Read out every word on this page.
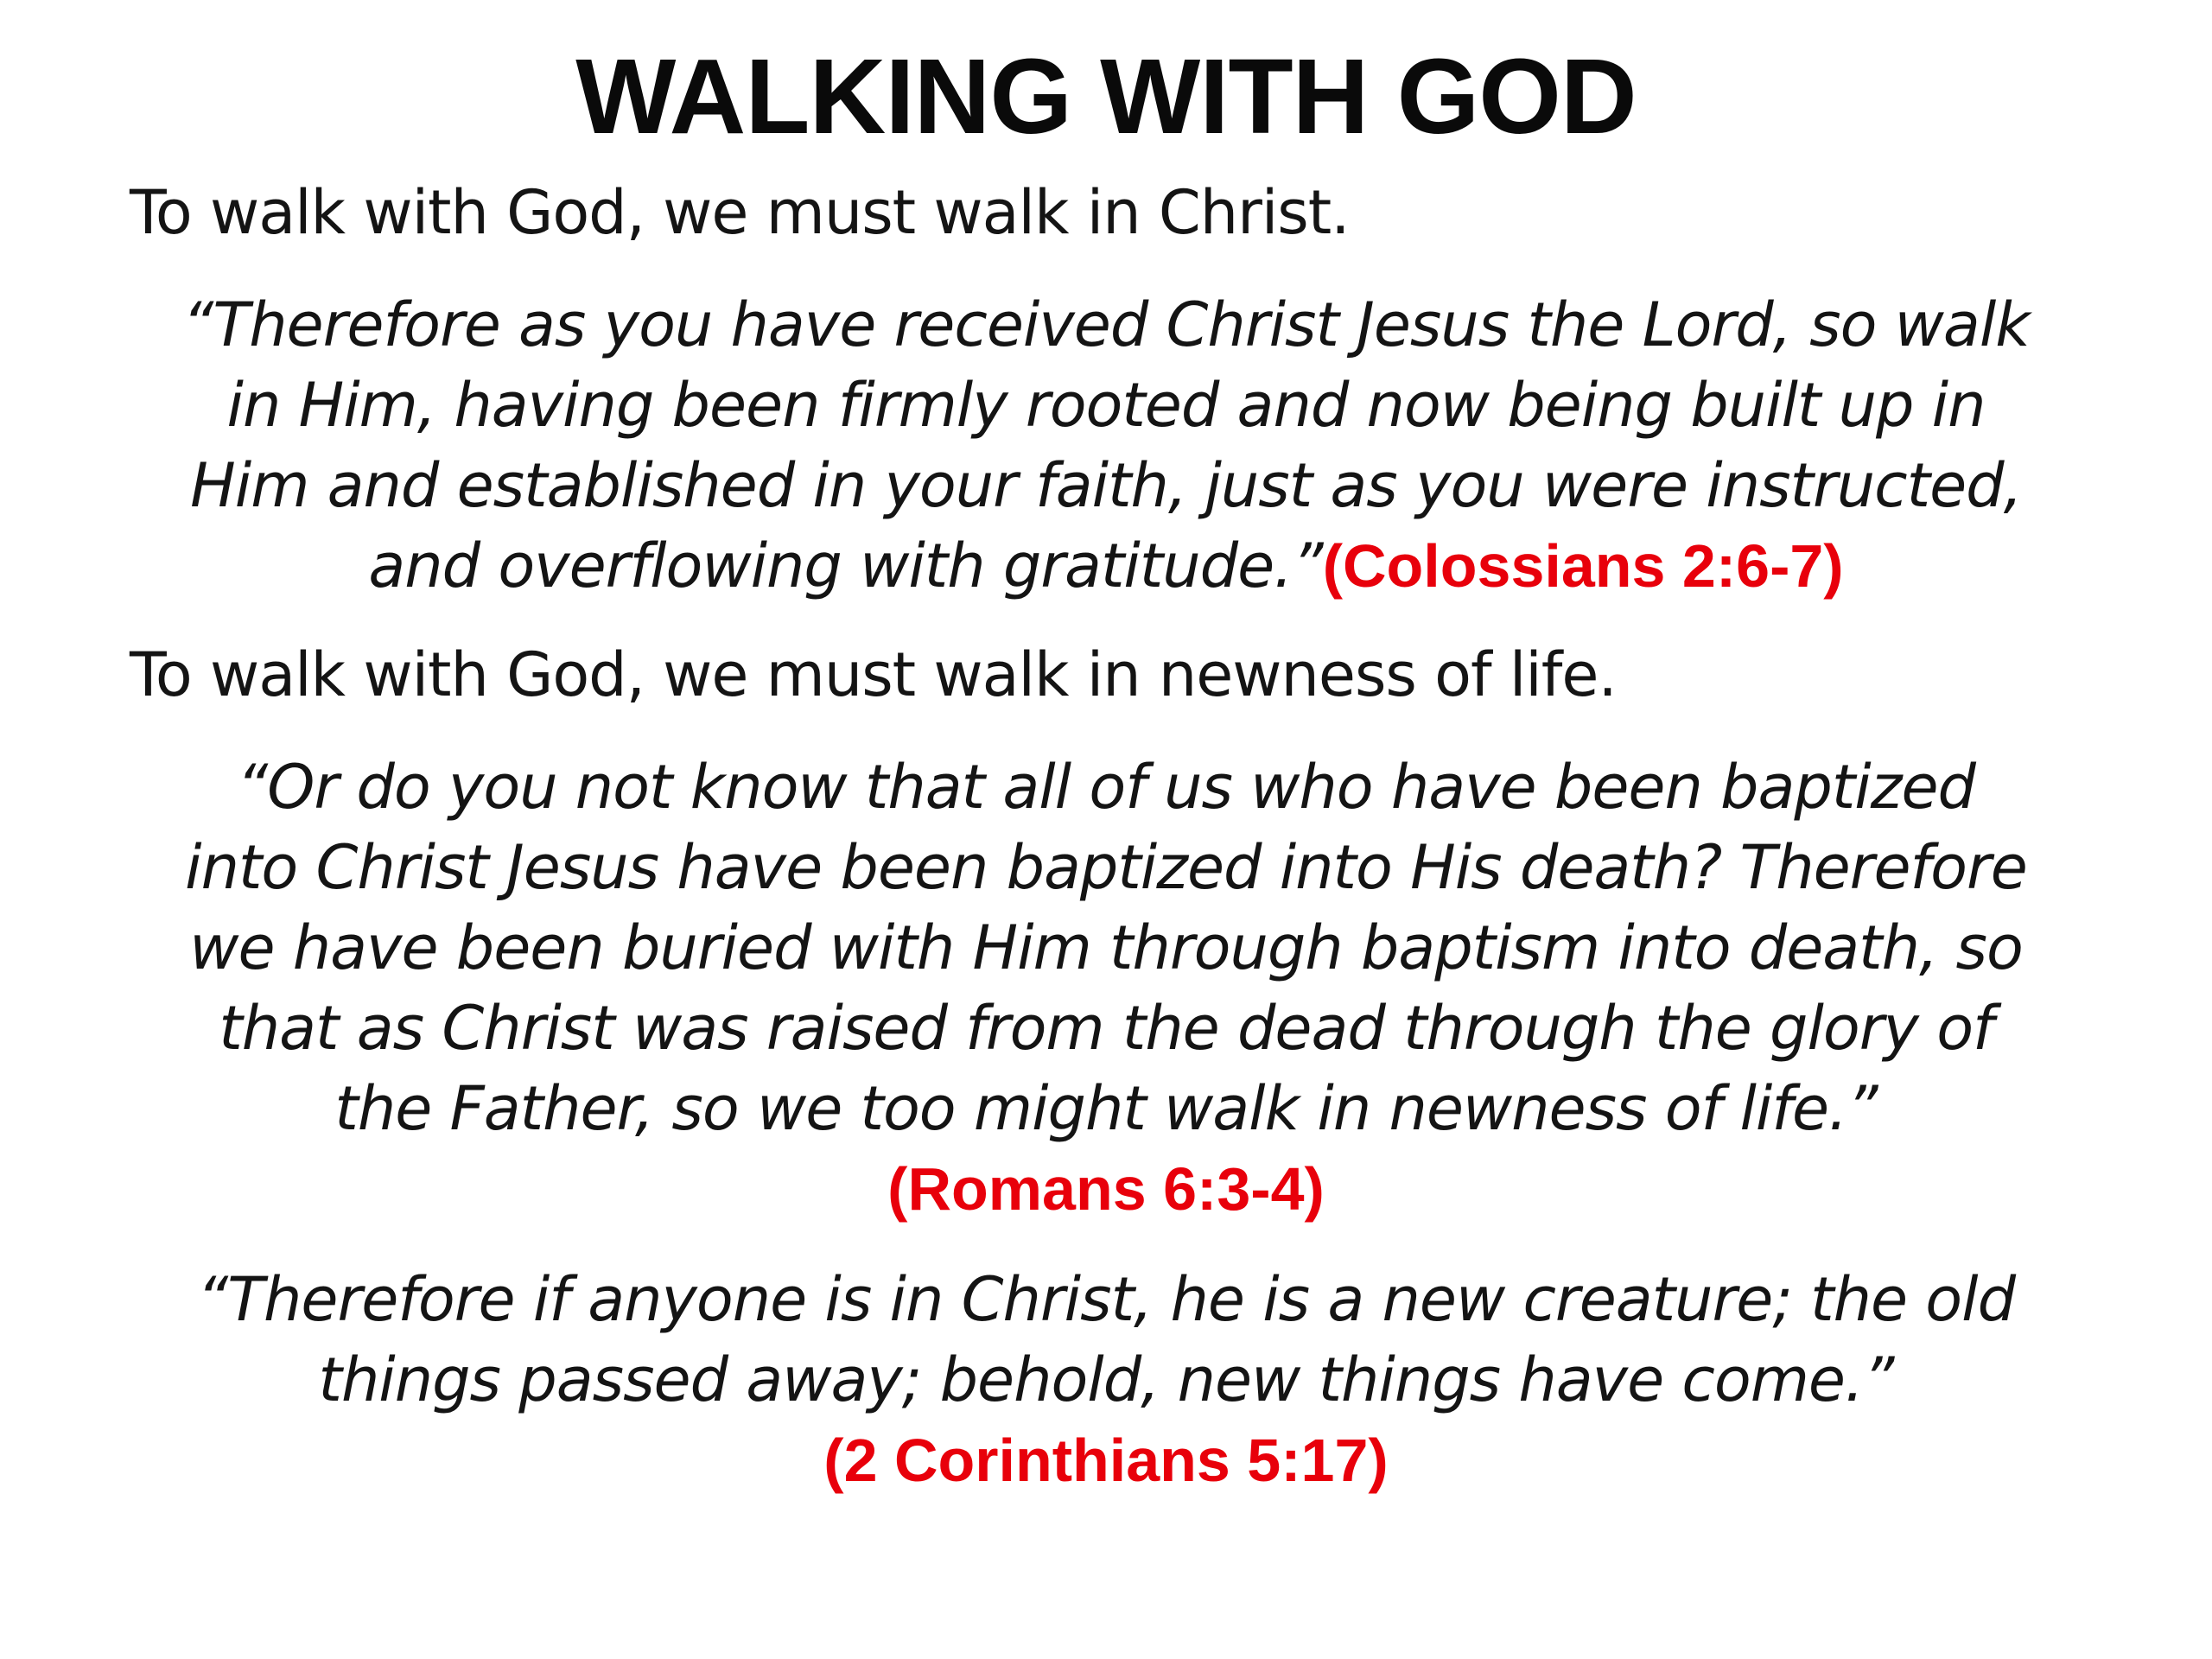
WALKING WITH GOD
To walk with God, we must walk in Christ.
“Therefore as you have received Christ Jesus the Lord, so walk
in Him, having been firmly rooted and now being built up in
Him and established in your faith, just as you were instructed,
and overflowing with gratitude.”(Colossians 2:6-7)
To walk with God, we must walk in newness of life.
“Or do you not know that all of us who have been baptized
into Christ Jesus have been baptized into His death? Therefore
we have been buried with Him through baptism into death, so
that as Christ was raised from the dead through the glory of
the Father, so we too might walk in newness of life.”
(Romans 6:3-4)
“Therefore if anyone is in Christ, he is a new creature; the old
things passed away; behold, new things have come.”
(2 Corinthians 5:17)
